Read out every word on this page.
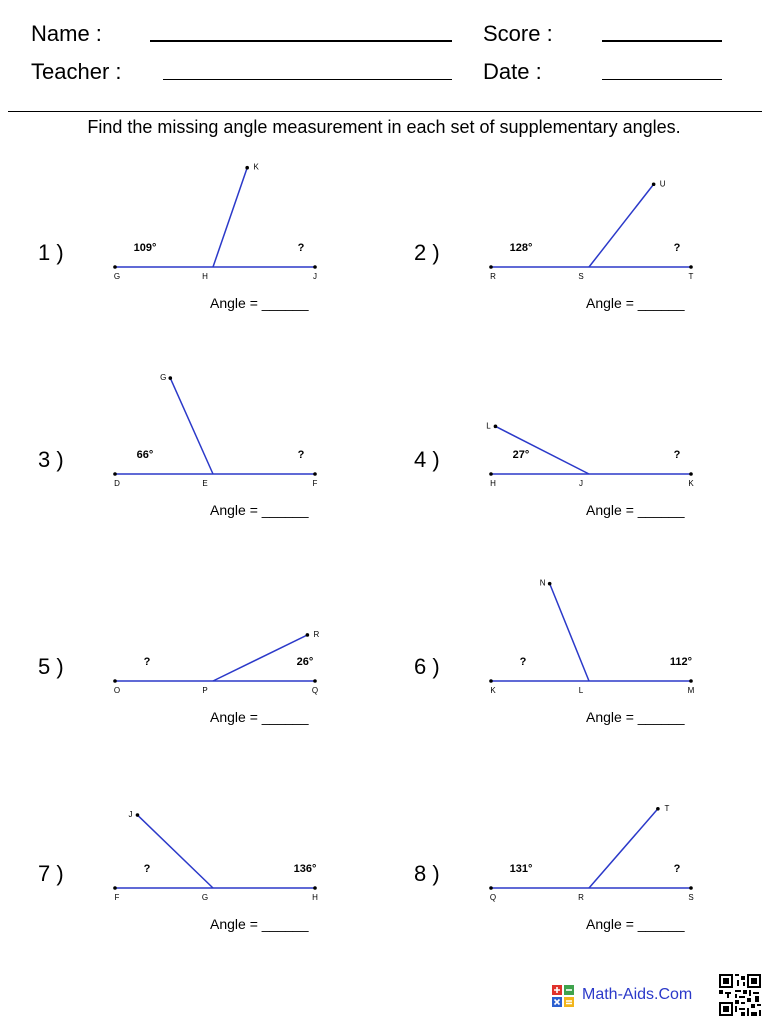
Name :
Teacher :
Score :
Date :
Find the missing angle measurement in each set of supplementary angles.
1 )
G	H	J
K
109°	?
Angle = ______
2 )
R	S	T
U
128°	?
Angle = ______
3 )
D	E	F
G
66°	?
Angle = ______
4 )
H	J	K
L
27°	?
Angle = ______
5 )
O	P	Q
R
?	26°
Angle = ______
6 )
K	L	M
N
?	112°
Angle = ______
7 )
F	G	H
J
?	136°
Angle = ______
8 )
Q	R	S
T
131°	?
Angle = ______
Math-Aids.Com
